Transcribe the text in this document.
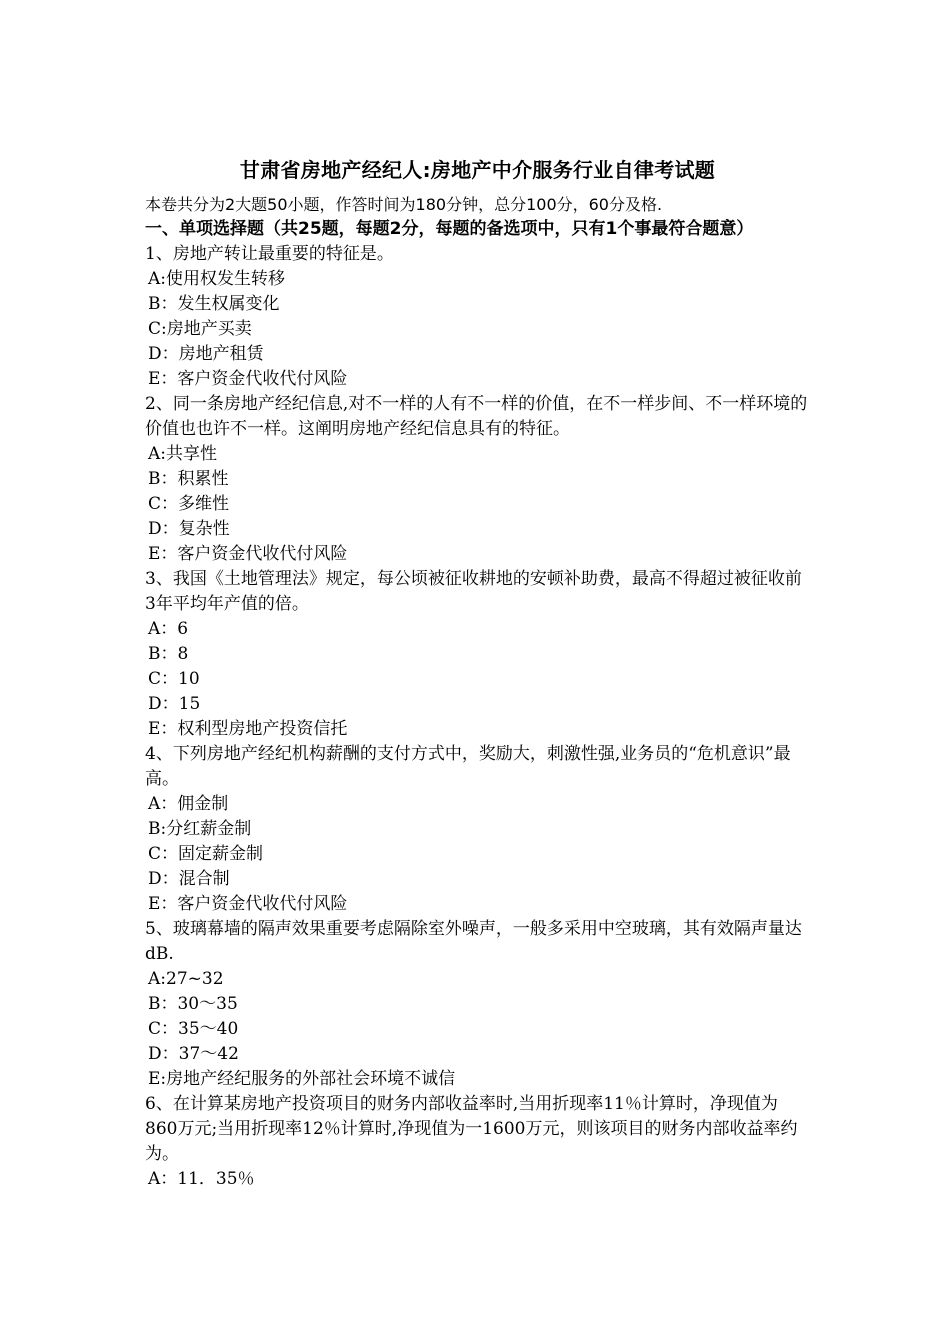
甘肃省房地产经纪人:房地产中介服务行业自律考试题
本卷共分为2大题50小题，作答时间为180分钟，总分100分，60分及格.
一、单项选择题（共25题，每题2分，每题的备选项中，只有1个事最符合题意）
1、房地产转让最重要的特征是。
A:使用权发生转移
B：发生权属变化
C:房地产买卖
D：房地产租赁
E：客户资金代收代付风险
2、同一条房地产经纪信息,对不一样的人有不一样的价值，在不一样步间、不一样环境的价值也也许不一样。这阐明房地产经纪信息具有的特征。
A:共享性
B：积累性
C：多维性
D：复杂性
E：客户资金代收代付风险
3、我国《土地管理法》规定，每公顷被征收耕地的安顿补助费，最高不得超过被征收前3年平均年产值的倍。
A：6
B：8
C：10
D：15
E：权利型房地产投资信托
4、下列房地产经纪机构薪酬的支付方式中，奖励大，刺激性强,业务员的“危机意识”最高。
A：佣金制
B:分红薪金制
C：固定薪金制
D：混合制
E：客户资金代收代付风险
5、玻璃幕墙的隔声效果重要考虑隔除室外噪声，一般多采用中空玻璃，其有效隔声量达dB.
A:27~32
B：30～35
C：35～40
D：37～42
E:房地产经纪服务的外部社会环境不诚信
6、在计算某房地产投资项目的财务内部收益率时,当用折现率11％计算时，净现值为860万元;当用折现率12％计算时,净现值为一1600万元，则该项目的财务内部收益率约为。
A：11．35％
